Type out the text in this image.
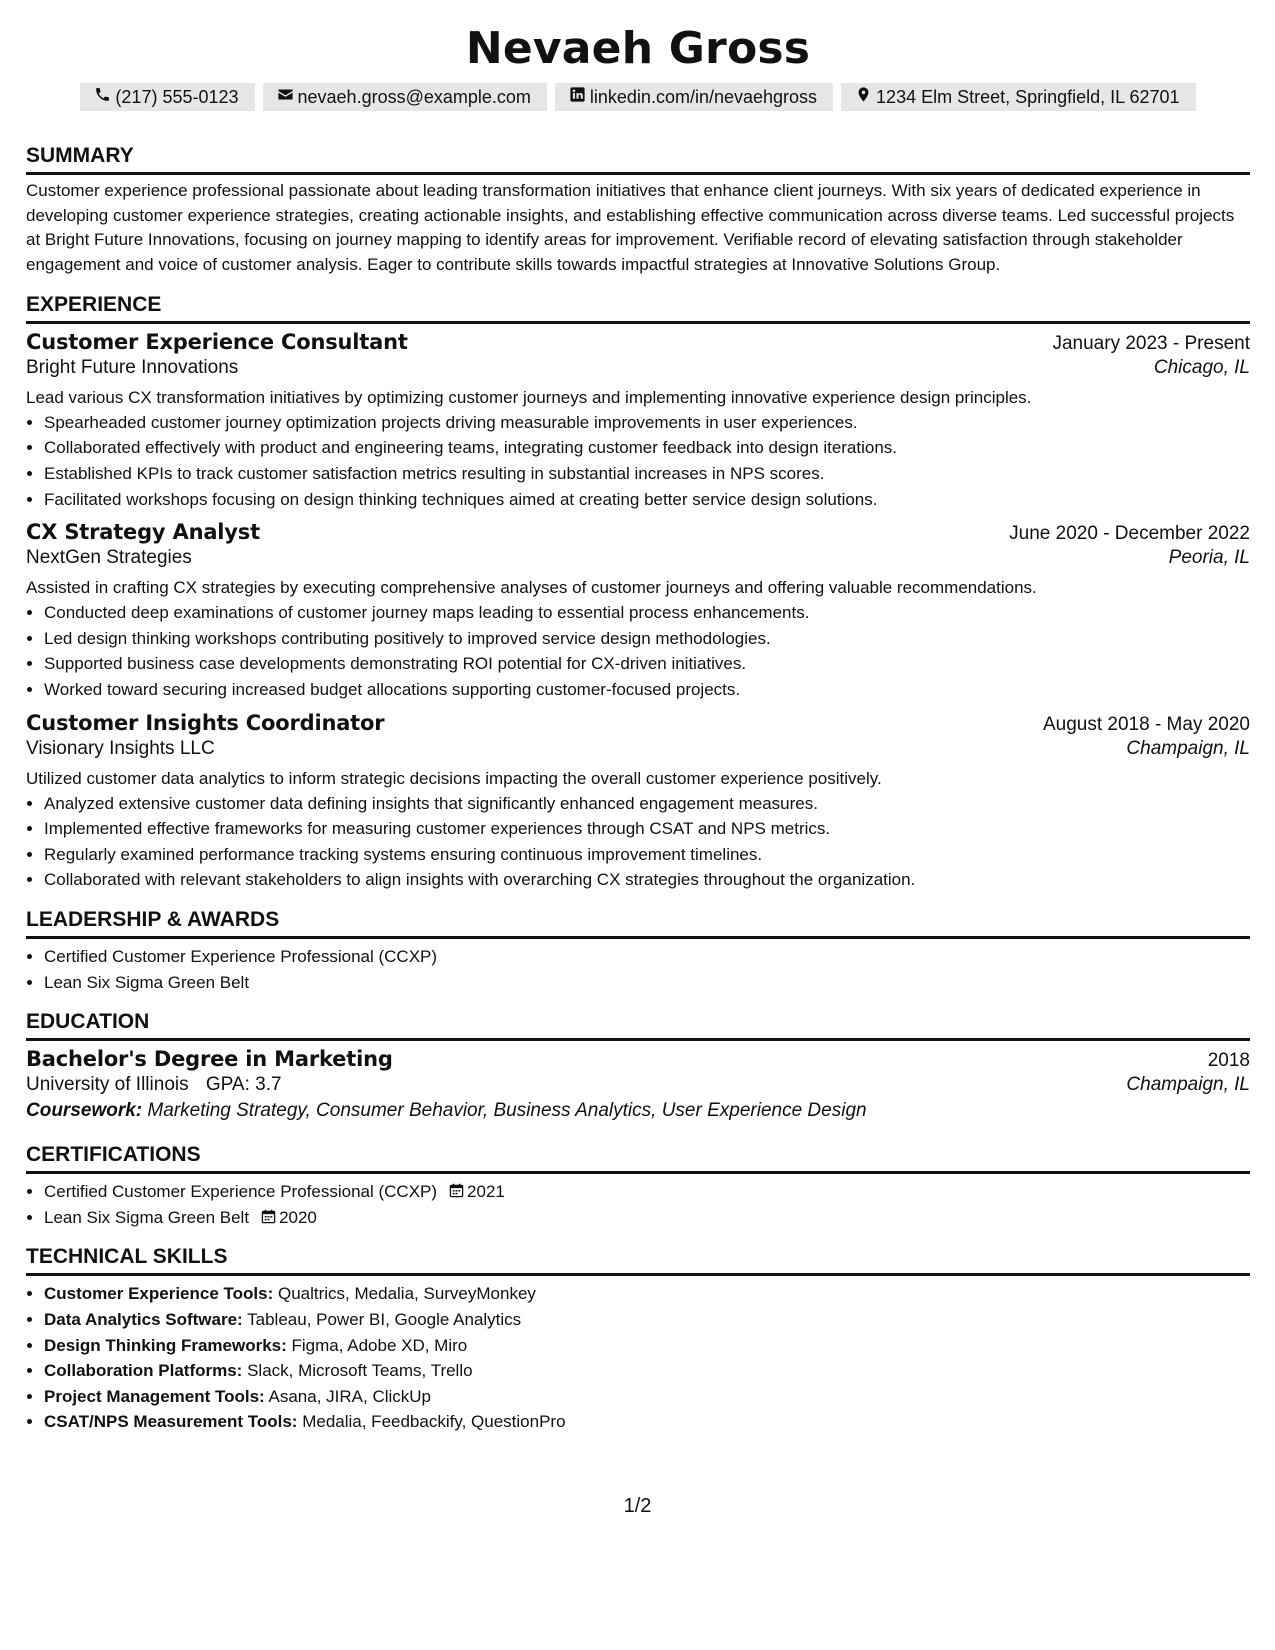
Nevaeh Gross
(217) 555-0123	nevaeh.gross@example.com	linkedin.com/in/nevaehgross	1234 Elm Street, Springfield, IL 62701
SUMMARY

Customer experience professional passionate about leading transformation initiatives that enhance client journeys. With six years of dedicated experience in developing customer experience strategies, creating actionable insights, and establishing effective communication across diverse teams. Led successful projects at Bright Future Innovations, focusing on journey mapping to identify areas for improvement. Verifiable record of elevating satisfaction through stakeholder engagement and voice of customer analysis. Eager to contribute skills towards impactful strategies at Innovative Solutions Group.

EXPERIENCE
Customer Experience Consultant	January 2023 - Present
Bright Future Innovations	Chicago, IL
Lead various CX transformation initiatives by optimizing customer journeys and implementing innovative experience design principles.
• Spearheaded customer journey optimization projects driving measurable improvements in user experiences.
• Collaborated effectively with product and engineering teams, integrating customer feedback into design iterations.
• Established KPIs to track customer satisfaction metrics resulting in substantial increases in NPS scores.
• Facilitated workshops focusing on design thinking techniques aimed at creating better service design solutions.
CX Strategy Analyst	June 2020 - December 2022
NextGen Strategies	Peoria, IL
Assisted in crafting CX strategies by executing comprehensive analyses of customer journeys and offering valuable recommendations.
• Conducted deep examinations of customer journey maps leading to essential process enhancements.
• Led design thinking workshops contributing positively to improved service design methodologies.
• Supported business case developments demonstrating ROI potential for CX-driven initiatives.
• Worked toward securing increased budget allocations supporting customer-focused projects.
Customer Insights Coordinator	August 2018 - May 2020
Visionary Insights LLC	Champaign, IL
Utilized customer data analytics to inform strategic decisions impacting the overall customer experience positively.
• Analyzed extensive customer data defining insights that significantly enhanced engagement measures.
• Implemented effective frameworks for measuring customer experiences through CSAT and NPS metrics.
• Regularly examined performance tracking systems ensuring continuous improvement timelines.
• Collaborated with relevant stakeholders to align insights with overarching CX strategies throughout the organization.
LEADERSHIP & AWARDS
• Certified Customer Experience Professional (CCXP)
• Lean Six Sigma Green Belt
EDUCATION
Bachelor's Degree in Marketing	2018
University of Illinois GPA: 3.7	Champaign, IL
Coursework: Marketing Strategy, Consumer Behavior, Business Analytics, User Experience Design
CERTIFICATIONS
• Certified Customer Experience Professional (CCXP) 2021
• Lean Six Sigma Green Belt 2020
TECHNICAL SKILLS
• Customer Experience Tools: Qualtrics, Medalia, SurveyMonkey
• Data Analytics Software: Tableau, Power BI, Google Analytics
• Design Thinking Frameworks: Figma, Adobe XD, Miro
• Collaboration Platforms: Slack, Microsoft Teams, Trello
• Project Management Tools: Asana, JIRA, ClickUp
• CSAT/NPS Measurement Tools: Medalia, Feedbackify, QuestionPro
1/2
